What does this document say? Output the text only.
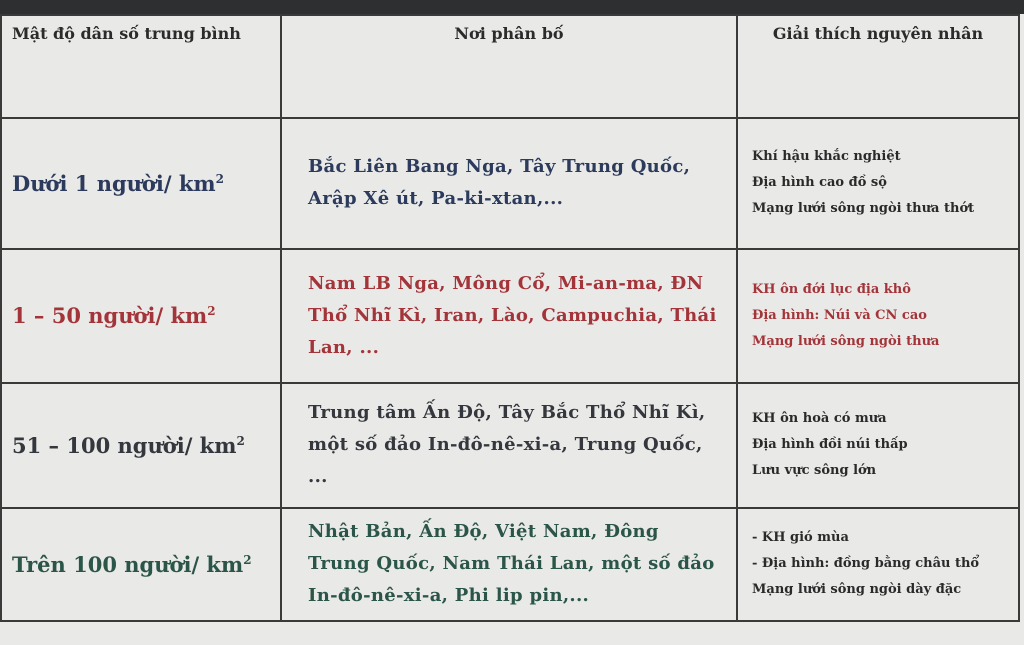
Mật độ dân số trung bình	Nơi phân bố	Giải thích nguyên nhân

Dưới 1 người/ $km^2$	Bắc Liên Bang Nga, Tây Trung Quốc, Arập Xê út, Pa-ki-xtan,...	Khí hậu khắc nghiệt
Địa hình cao đồ sộ
Mạng lưới sông ngòi thưa thớt

1 – 50 người/ $km^2$	Nam LB Nga, Mông Cổ, Mi-an-ma, ĐN Thổ Nhĩ Kì, Iran, Lào, Campuchia, Thái Lan, ...	KH ôn đới lục địa khô
Địa hình: Núi và CN cao
Mạng lưới sông ngòi thưa

51 – 100 người/ $km^2$	Trung tâm Ấn Độ, Tây Bắc Thổ Nhĩ Kì, một số đảo In-đô-nê-xi-a, Trung Quốc, ...	KH ôn hoà có mưa
Địa hình đồi núi thấp
Lưu vực sông lớn

Trên 100 người/ $km^2$	Nhật Bản, Ấn Độ, Việt Nam, Đông Trung Quốc, Nam Thái Lan, một số đảo In-đô-nê-xi-a, Phi lip pin,...	- KH gió mùa
- Địa hình: đồng bằng châu thổ
Mạng lưới sông ngòi dày đặc
